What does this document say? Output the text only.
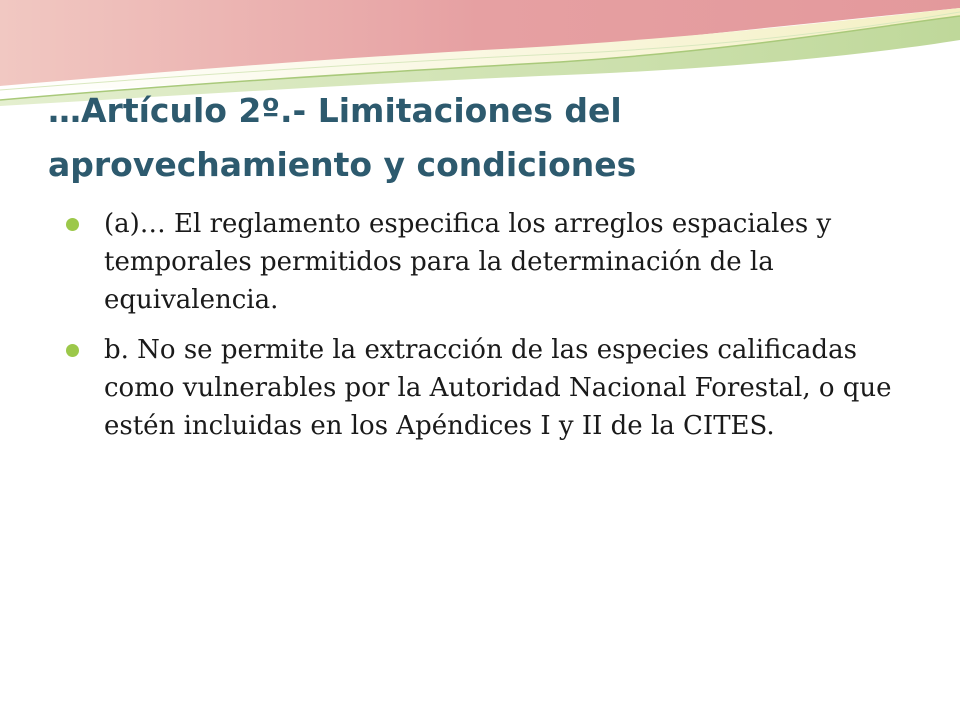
…Artículo 2º.- Limitaciones del aprovechamiento y condiciones
(a)… El reglamento especifica los arreglos espaciales y temporales permitidos para la determinación de la equivalencia.
b. No se permite la extracción de las especies calificadas como vulnerables por la Autoridad Nacional Forestal, o que estén incluidas en los Apéndices I y II de la CITES.
